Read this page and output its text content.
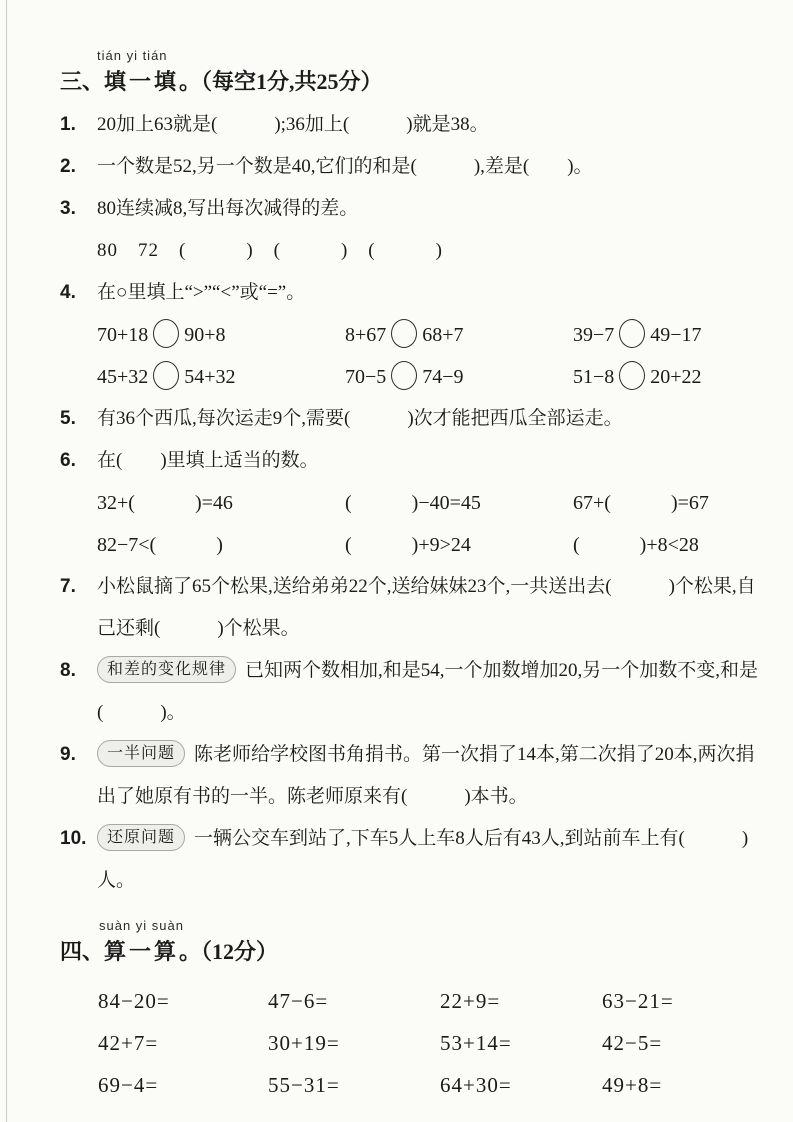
tián yi tián
三、填一填。（每空1分,共25分）
1.	20加上63就是(　　　);36加上(　　　)就是38。
2.	一个数是52,另一个数是40,它们的和是(　　　),差是(　　)。
3.	80连续减8,写出每次减得的差。
80　72　(　　　)　(　　　)　(　　　)
4.	在○里填上“>”“<”或“=”。
70+18 90+8	8+67 68+7	39−7 49−17
45+32 54+32	70−5 74−9	51−8 20+22
5.	有36个西瓜,每次运走9个,需要(　　　)次才能把西瓜全部运走。
6.	在(　　)里填上适当的数。
32+(　　　)=46	(　　　)−40=45	67+(　　　)=67
82−7<(　　　)	(　　　)+9>24	(　　　)+8<28
7.	小松鼠摘了65个松果,送给弟弟22个,送给妹妹23个,一共送出去(　　　)个松果,自己还剩(　　　)个松果。
8.	和差的变化规律 已知两个数相加,和是54,一个加数增加20,另一个加数不变,和是(　　　)。
9.	一半问题 陈老师给学校图书角捐书。第一次捐了14本,第二次捐了20本,两次捐出了她原有书的一半。陈老师原来有(　　　)本书。
10.	还原问题 一辆公交车到站了,下车5人上车8人后有43人,到站前车上有(　　　)人。
suàn yi suàn
四、算一算。（12分）
84−20=	47−6=	22+9=	63−21=
42+7=	30+19=	53+14=	42−5=
69−4=	55−31=	64+30=	49+8=
